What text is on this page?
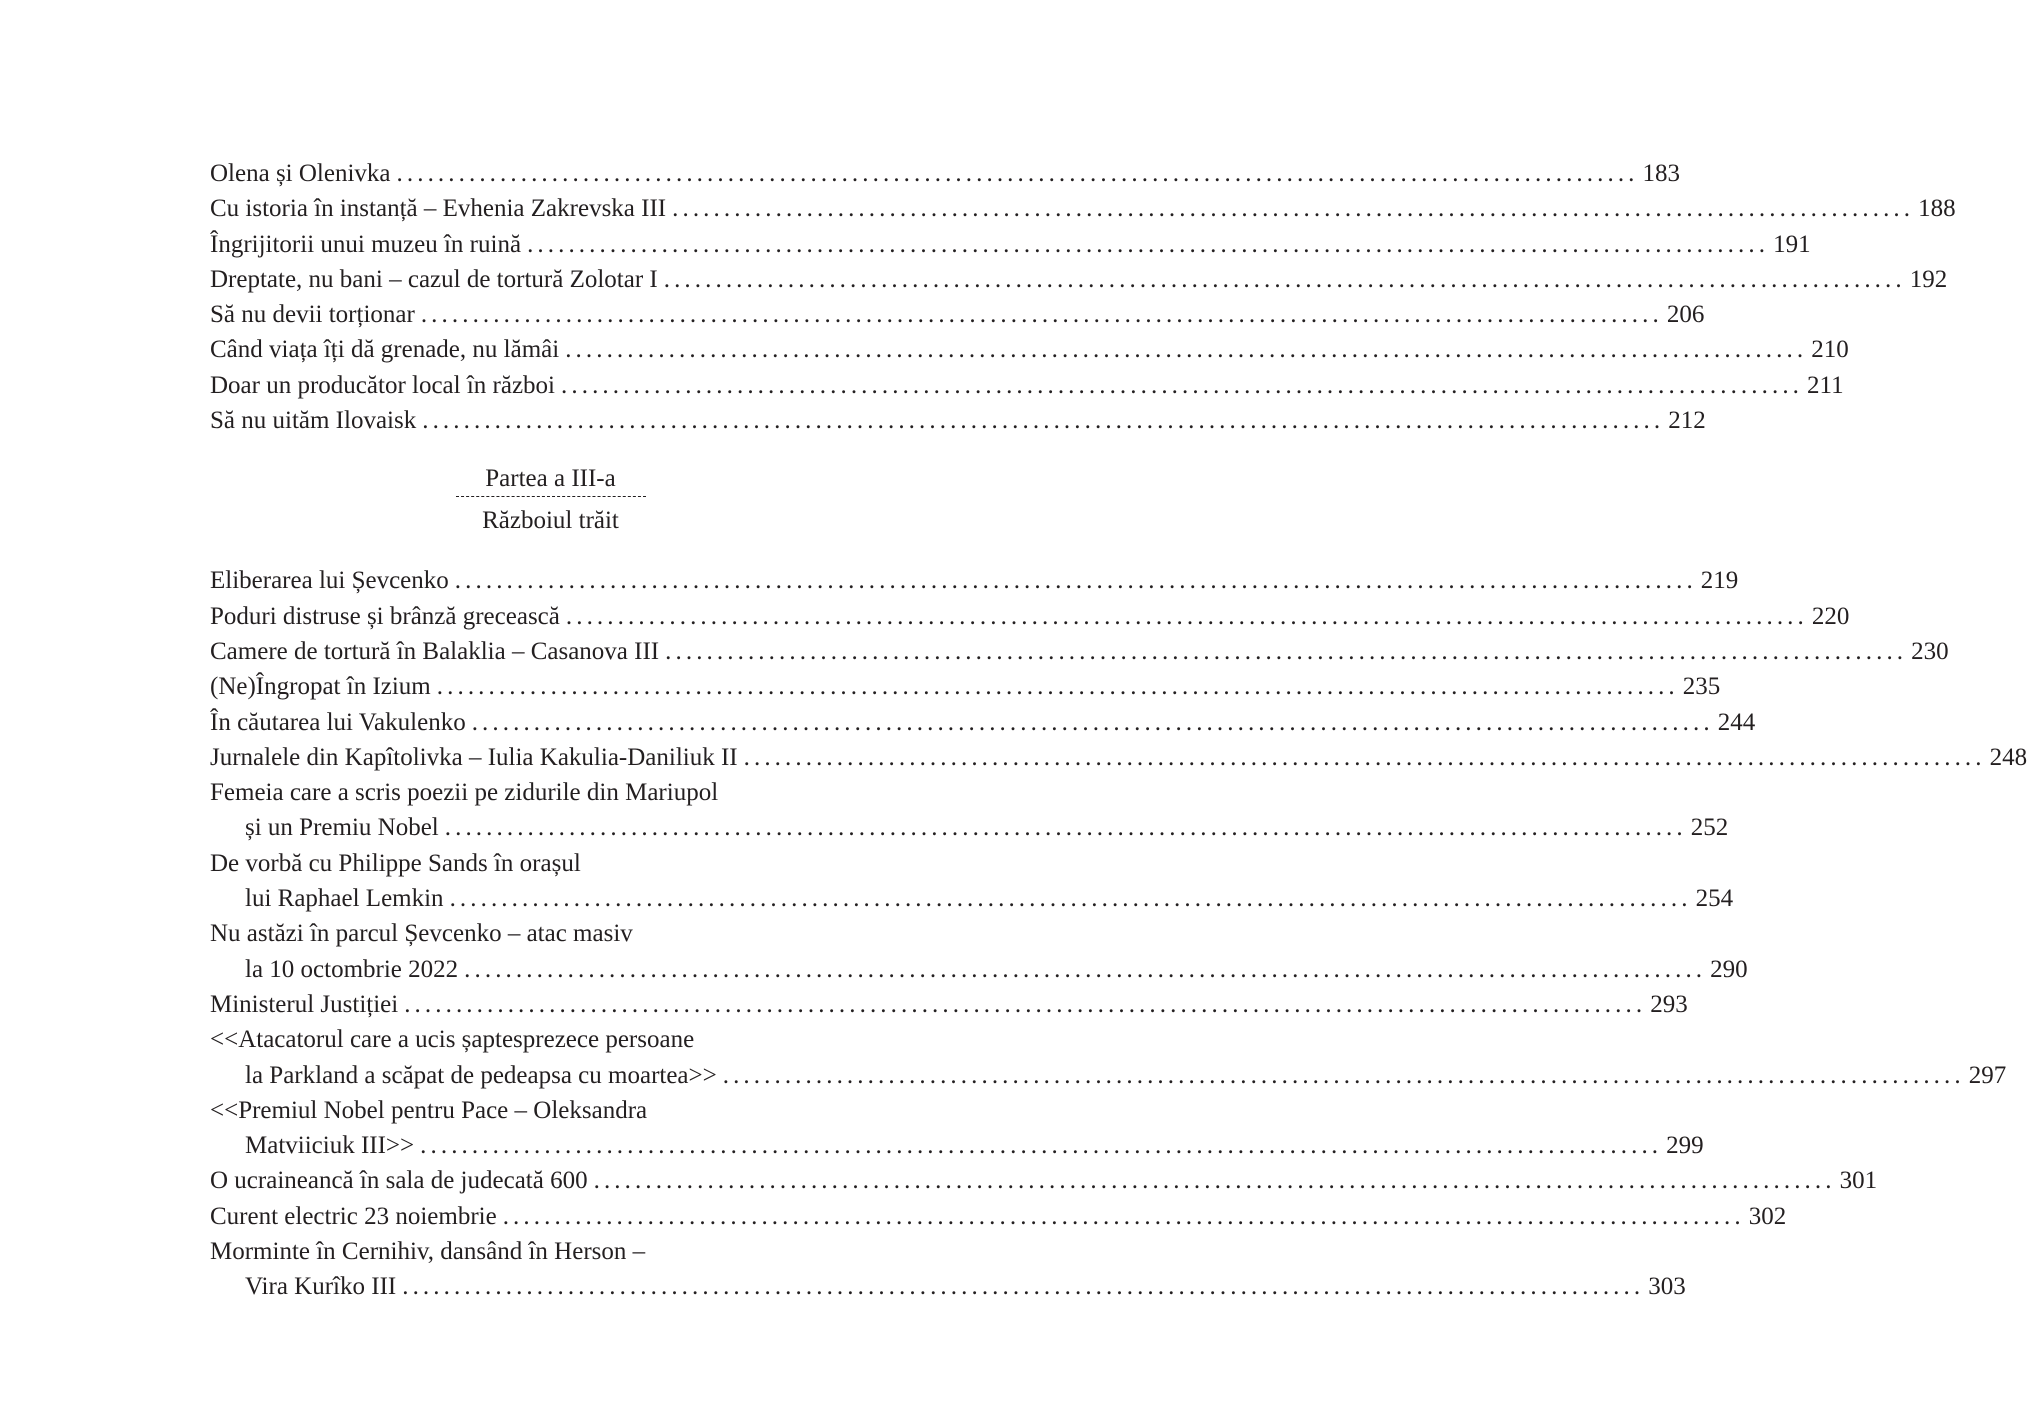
Olena și Olenivka ........................................................................................................................ 183
Cu istoria în instanță – Evhenia Zakrevska III ........................................................................................................................ 188
Îngrijitorii unui muzeu în ruină ........................................................................................................................ 191
Dreptate, nu bani – cazul de tortură Zolotar I ........................................................................................................................ 192
Să nu devii torționar ........................................................................................................................ 206
Când viața îți dă grenade, nu lămâi ........................................................................................................................ 210
Doar un producător local în război ........................................................................................................................ 211
Să nu uităm Ilovaisk ........................................................................................................................ 212
Partea a III-a
Războiul trăit
Eliberarea lui Șevcenko ........................................................................................................................ 219
Poduri distruse și brânză grecească ........................................................................................................................ 220
Camere de tortură în Balaklia – Casanova III ........................................................................................................................ 230
(Ne)Îngropat în Izium ........................................................................................................................ 235
În căutarea lui Vakulenko ........................................................................................................................ 244
Jurnalele din Kapîtolivka – Iulia Kakulia-Daniliuk II ........................................................................................................................ 248
Femeia care a scris poezii pe zidurile din Mariupol
și un Premiu Nobel ........................................................................................................................ 252
De vorbă cu Philippe Sands în orașul
lui Raphael Lemkin ........................................................................................................................ 254
Nu astăzi în parcul Șevcenko – atac masiv
la 10 octombrie 2022 ........................................................................................................................ 290
Ministerul Justiției ........................................................................................................................ 293
<<Atacatorul care a ucis șaptesprezece persoane
la Parkland a scăpat de pedeapsa cu moartea>> ........................................................................................................................ 297
<<Premiul Nobel pentru Pace – Oleksandra
Matviiciuk III>> ........................................................................................................................ 299
O ucraineancă în sala de judecată 600 ........................................................................................................................ 301
Curent electric 23 noiembrie ........................................................................................................................ 302
Morminte în Cernihiv, dansând în Herson –
Vira Kurîko III ........................................................................................................................ 303
